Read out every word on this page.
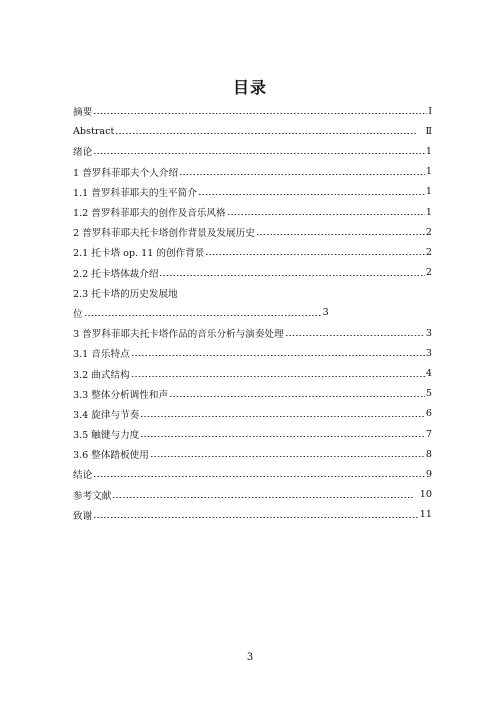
目录
摘要	Ⅰ
Abstract	Ⅱ
绪论	1
1 普罗科菲耶夫个人介绍	1
1.1 普罗科菲耶夫的生平简介	1
1.2 普罗科菲耶夫的创作及音乐风格	1
2 普罗科菲耶夫托卡塔创作背景及发展历史	2
2.1 托卡塔 op. 11 的创作背景	2
2.2 托卡塔体裁介绍	2
2.3 托卡塔的历史发展地
位	3
3 普罗科菲耶夫托卡塔作品的音乐分析与演奏处理	3
3.1 音乐特点	3
3.2 曲式结构	4
3.3 整体分析调性和声	5
3.4 旋律与节奏	6
3.5 触键与力度	7
3.6 整体踏板使用	8
结论	9
参考文献	10
致谢	11
3
